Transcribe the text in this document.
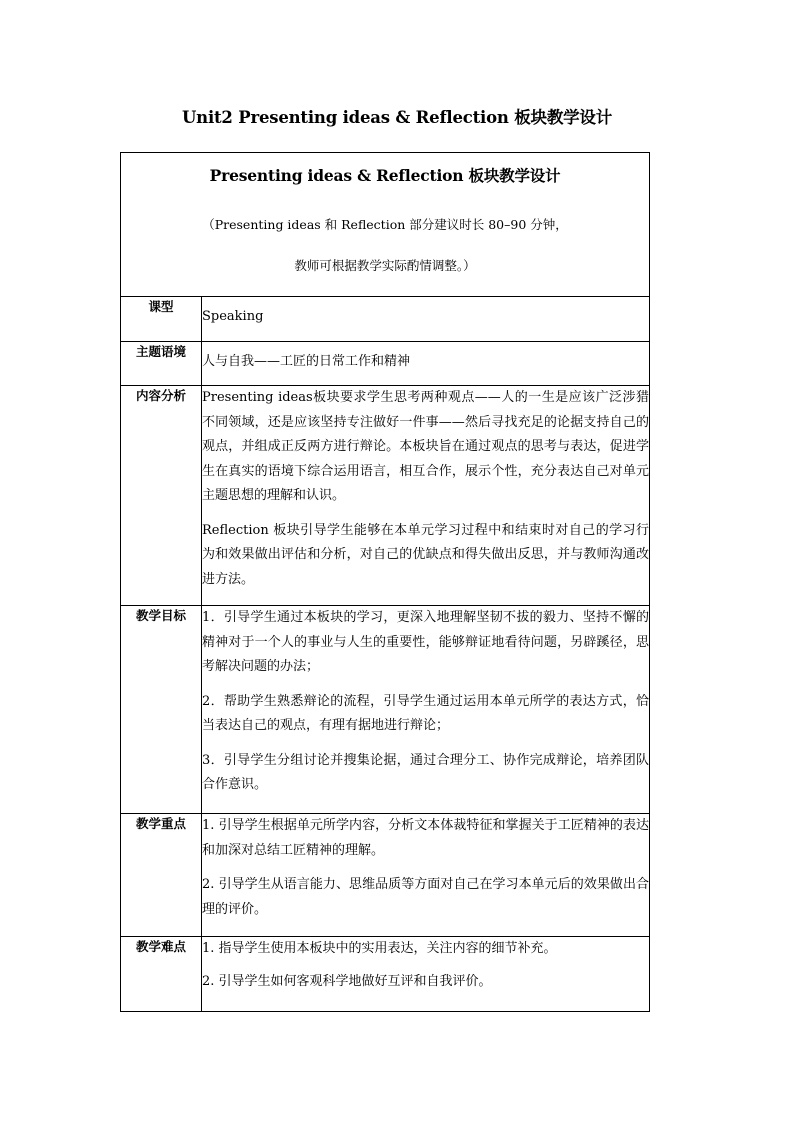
Unit2 Presenting ideas & Reflection 板块教学设计
Presenting ideas & Reflection 板块教学设计
（Presenting ideas 和 Reflection 部分建议时长 80–90 分钟，
教师可根据教学实际酌情调整。）	

课型	Speaking

主题语境	人与自我——工匠的日常工作和精神

内容分析	Presenting ideas板块要求学生思考两种观点——人的一生是应该广泛涉猎不同领域，还是应该坚持专注做好一件事——然后寻找充足的论据支持自己的观点，并组成正反两方进行辩论。本板块旨在通过观点的思考与表达，促进学生在真实的语境下综合运用语言，相互合作，展示个性，充分表达自己对单元主题思想的理解和认识。

Reflection 板块引导学生能够在本单元学习过程中和结束时对自己的学习行为和效果做出评估和分析，对自己的优缺点和得失做出反思，并与教师沟通改进方法。

教学目标	1．引导学生通过本板块的学习，更深入地理解坚韧不拔的毅力、坚持不懈的精神对于一个人的事业与人生的重要性，能够辩证地看待问题，另辟蹊径，思考解决问题的办法；

2．帮助学生熟悉辩论的流程，引导学生通过运用本单元所学的表达方式，恰当表达自己的观点，有理有据地进行辩论；

3．引导学生分组讨论并搜集论据，通过合理分工、协作完成辩论，培养团队合作意识。

教学重点	1. 引导学生根据单元所学内容，分析文本体裁特征和掌握关于工匠精神的表达和加深对总结工匠精神的理解。

2. 引导学生从语言能力、思维品质等方面对自己在学习本单元后的效果做出合理的评价。

教学难点	1. 指导学生使用本板块中的实用表达，关注内容的细节补充。

2. 引导学生如何客观科学地做好互评和自我评价。
